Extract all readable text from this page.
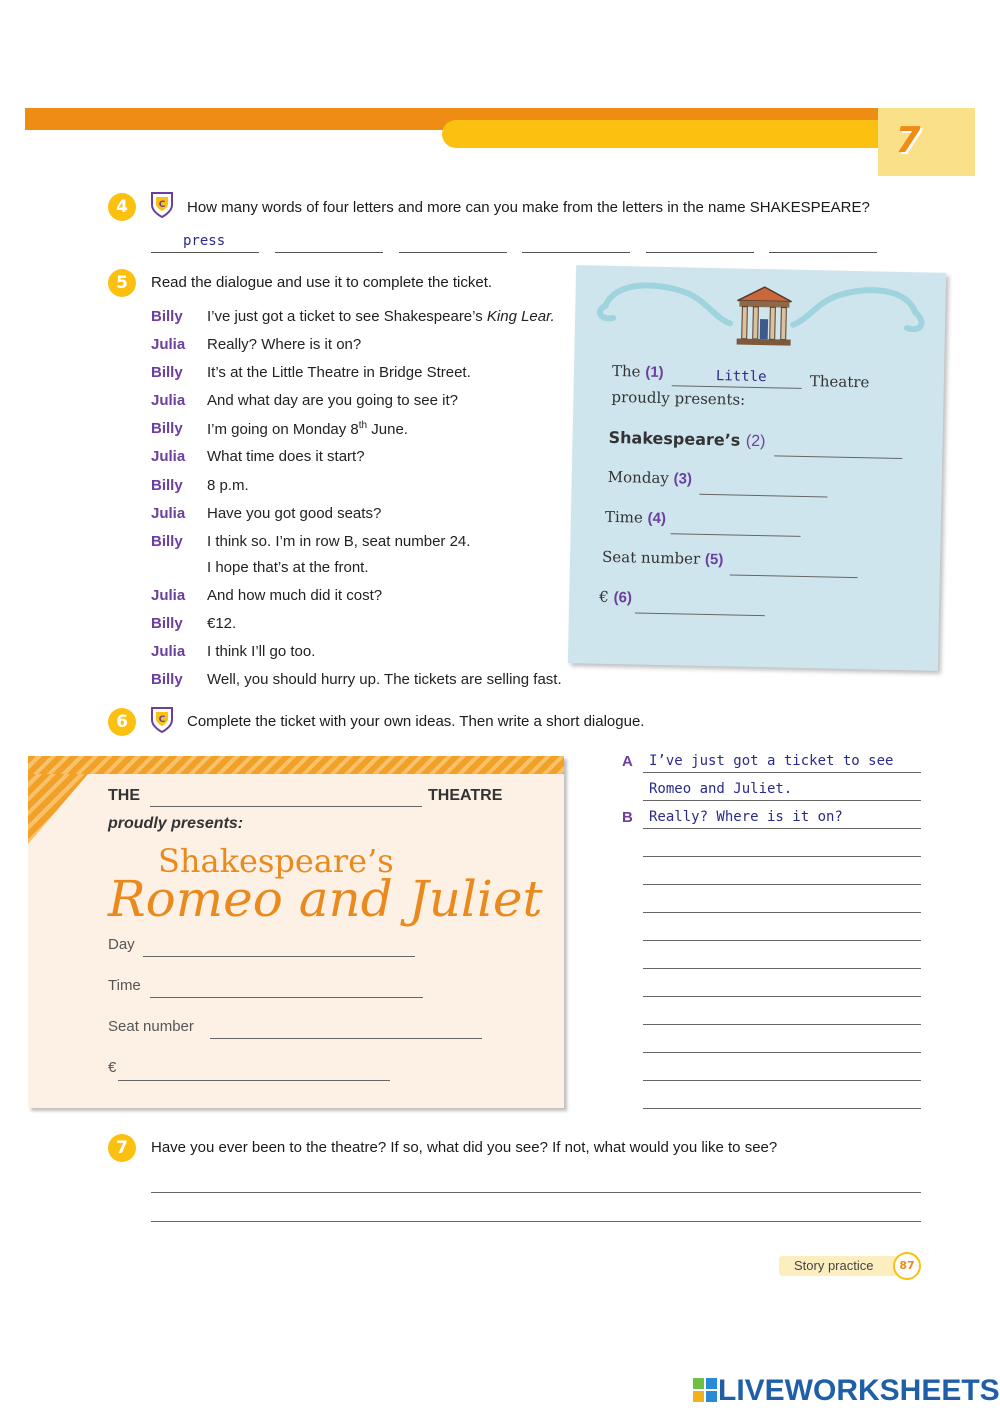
7
4	C How many words of four letters and more can you make from the letters in the name SHAKESPEARE?
press
5	Read the dialogue and use it to complete the ticket.
Billy I’ve just got a ticket to see Shakespeare’s King Lear.
Julia Really? Where is it on?
Billy It’s at the Little Theatre in Bridge Street.
Julia And what day are you going to see it?
Billy I’m going on Monday 8th June.
Julia What time does it start?
Billy 8 p.m.
Julia Have you got good seats?
Billy I think so. I’m in row B, seat number 24.
I hope that’s at the front.
Julia And how much did it cost?
Billy €12.
Julia I think I’ll go too.
Billy Well, you should hurry up. The tickets are selling fast.
The (1)	Little	Theatre
proudly presents:
Shakespeare’s (2)
Monday (3)
Time (4)
Seat number (5)
€ (6)
6	C Complete the ticket with your own ideas. Then write a short dialogue.
THE	THEATRE
proudly presents:
Shakespeare’s
Romeo and Juliet
Day
Time
Seat number
€
A I’ve just got a ticket to see
Romeo and Juliet.
B Really? Where is it on?
7	Have you ever been to the theatre? If so, what did you see? If not, what would you like to see?
Story practice	87
LIVEWORKSHEETS
